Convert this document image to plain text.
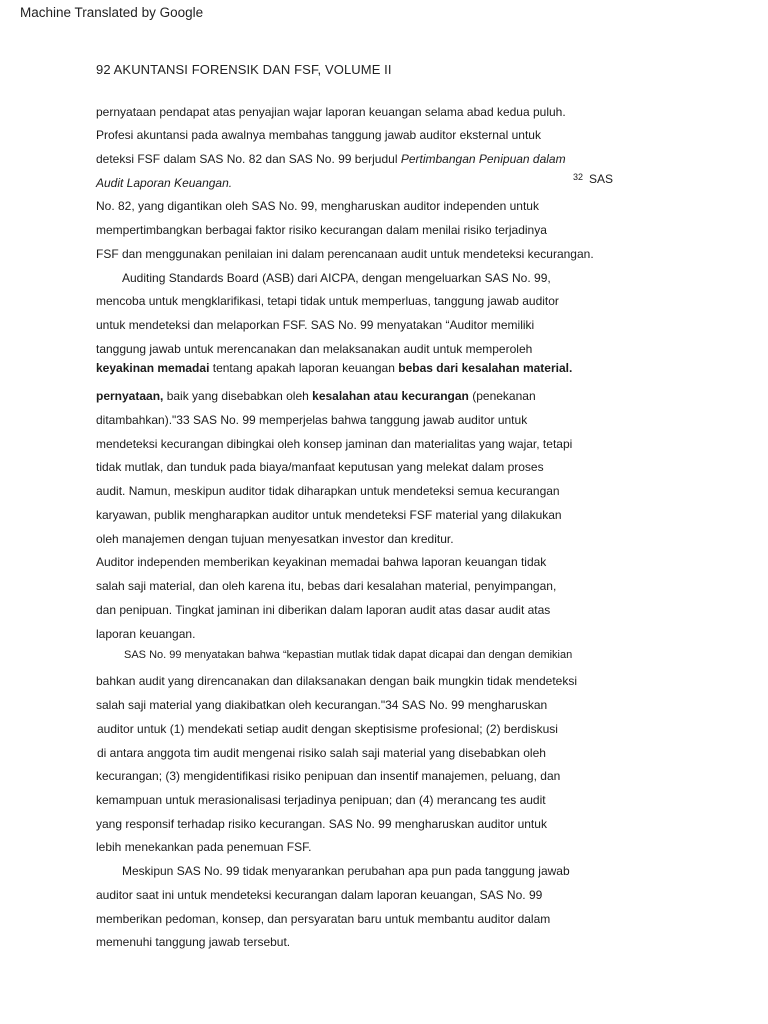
Machine Translated by Google
92 AKUNTANSI FORENSIK DAN FSF, VOLUME II
pernyataan pendapat atas penyajian wajar laporan keuangan selama abad kedua puluh.
Profesi akuntansi pada awalnya membahas tanggung jawab auditor eksternal untuk
deteksi FSF dalam SAS No. 82 dan SAS No. 99 berjudul Pertimbangan Penipuan dalam
Audit Laporan Keuangan.	$^{32}$ SAS
No. 82, yang digantikan oleh SAS No. 99, mengharuskan auditor independen untuk
mempertimbangkan berbagai faktor risiko kecurangan dalam menilai risiko terjadinya
FSF dan menggunakan penilaian ini dalam perencanaan audit untuk mendeteksi kecurangan.
Auditing Standards Board (ASB) dari AICPA, dengan mengeluarkan SAS No. 99,
mencoba untuk mengklarifikasi, tetapi tidak untuk memperluas, tanggung jawab auditor
untuk mendeteksi dan melaporkan FSF. SAS No. 99 menyatakan “Auditor memiliki
tanggung jawab untuk merencanakan dan melaksanakan audit untuk memperoleh
keyakinan memadai tentang apakah laporan keuangan bebas dari kesalahan material.
pernyataan, baik yang disebabkan oleh kesalahan atau kecurangan (penekanan
ditambahkan)."33 SAS No. 99 memperjelas bahwa tanggung jawab auditor untuk
mendeteksi kecurangan dibingkai oleh konsep jaminan dan materialitas yang wajar, tetapi
tidak mutlak, dan tunduk pada biaya/manfaat keputusan yang melekat dalam proses
audit. Namun, meskipun auditor tidak diharapkan untuk mendeteksi semua kecurangan
karyawan, publik mengharapkan auditor untuk mendeteksi FSF material yang dilakukan
oleh manajemen dengan tujuan menyesatkan investor dan kreditur.
Auditor independen memberikan keyakinan memadai bahwa laporan keuangan tidak
salah saji material, dan oleh karena itu, bebas dari kesalahan material, penyimpangan,
dan penipuan. Tingkat jaminan ini diberikan dalam laporan audit atas dasar audit atas
laporan keuangan.
SAS No. 99 menyatakan bahwa “kepastian mutlak tidak dapat dicapai dan dengan demikian
bahkan audit yang direncanakan dan dilaksanakan dengan baik mungkin tidak mendeteksi
salah saji material yang diakibatkan oleh kecurangan."34 SAS No. 99 mengharuskan
auditor untuk (1) mendekati setiap audit dengan skeptisisme profesional; (2) berdiskusi
di antara anggota tim audit mengenai risiko salah saji material yang disebabkan oleh
kecurangan; (3) mengidentifikasi risiko penipuan dan insentif manajemen, peluang, dan
kemampuan untuk merasionalisasi terjadinya penipuan; dan (4) merancang tes audit
yang responsif terhadap risiko kecurangan. SAS No. 99 mengharuskan auditor untuk
lebih menekankan pada penemuan FSF.
Meskipun SAS No. 99 tidak menyarankan perubahan apa pun pada tanggung jawab
auditor saat ini untuk mendeteksi kecurangan dalam laporan keuangan, SAS No. 99
memberikan pedoman, konsep, dan persyaratan baru untuk membantu auditor dalam
memenuhi tanggung jawab tersebut.
